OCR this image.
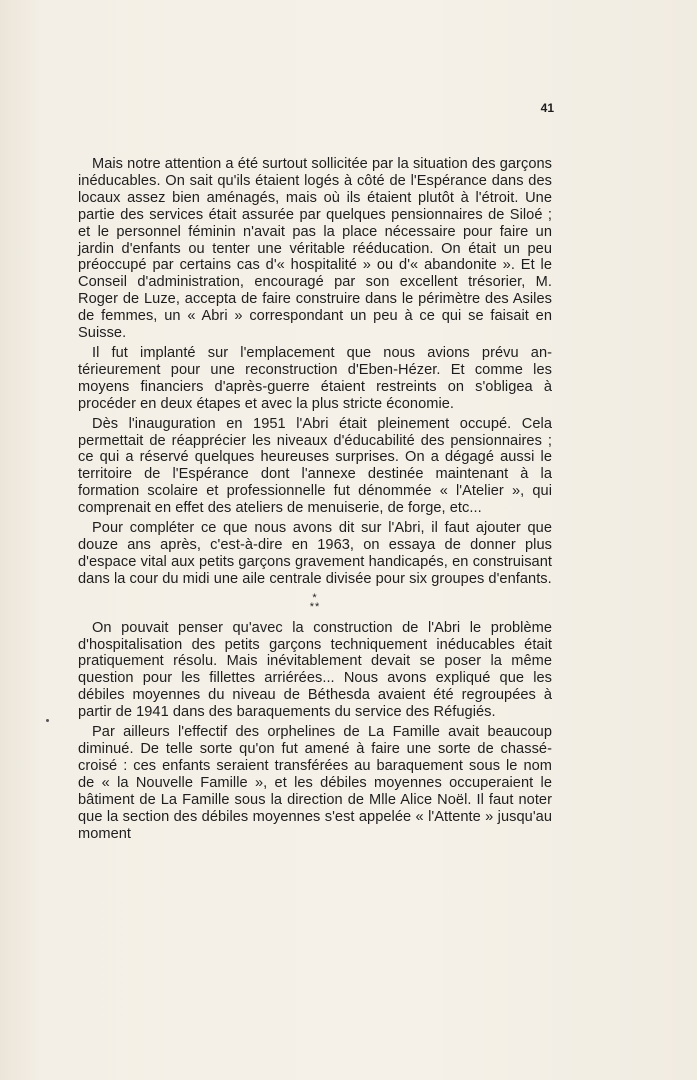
41

Mais notre attention a été surtout sollicitée par la situation des garçons inéducables. On sait qu'ils étaient logés à côté de l'Espérance dans des locaux assez bien aménagés, mais où ils étaient plutôt à l'étroit. Une partie des services était assurée par quelques pensionnaires de Siloé ; et le personnel féminin n'avait pas la place nécessaire pour faire un jardin d'enfants ou tenter une véritable rééducation. On était un peu préoccupé par certains cas d'« hospitalité » ou d'« abandonite ». Et le Conseil d'administration, encouragé par son excellent trésorier, M. Roger de Luze, accepta de faire construire dans le périmètre des Asiles de femmes, un « Abri » correspondant un peu à ce qui se faisait en Suisse.

Il fut implanté sur l'emplacement que nous avions prévu antérieurement pour une reconstruction d'Eben-Hézer. Et comme les moyens financiers d'après-guerre étaient restreints on s'obligea à procéder en deux étapes et avec la plus stricte économie.

Dès l'inauguration en 1951 l'Abri était pleinement occupé. Cela permettait de réapprécier les niveaux d'éducabilité des pensionnaires ; ce qui a réservé quelques heureuses surprises. On a dégagé aussi le territoire de l'Espérance dont l'annexe destinée maintenant à la formation scolaire et professionnelle fut dénommée « l'Atelier », qui comprenait en effet des ateliers de menuiserie, de forge, etc...

Pour compléter ce que nous avons dit sur l'Abri, il faut ajouter que douze ans après, c'est-à-dire en 1963, on essaya de donner plus d'espace vital aux petits garçons gravement handicapés, en construisant dans la cour du midi une aile centrale divisée pour six groupes d'enfants.

*
**

On pouvait penser qu'avec la construction de l'Abri le problème d'hospitalisation des petits garçons techniquement inéducables était pratiquement résolu. Mais inévitablement devait se poser la même question pour les fillettes arriérées... Nous avons expliqué que les débiles moyennes du niveau de Béthesda avaient été regroupées à partir de 1941 dans des baraquements du service des Réfugiés.

Par ailleurs l'effectif des orphelines de La Famille avait beaucoup diminué. De telle sorte qu'on fut amené à faire une sorte de chassé-croisé : ces enfants seraient transférées au baraquement sous le nom de « la Nouvelle Famille », et les débiles moyennes occuperaient le bâtiment de La Famille sous la direction de Mlle Alice Noël. Il faut noter que la section des débiles moyennes s'est appelée « l'Attente » jusqu'au moment
